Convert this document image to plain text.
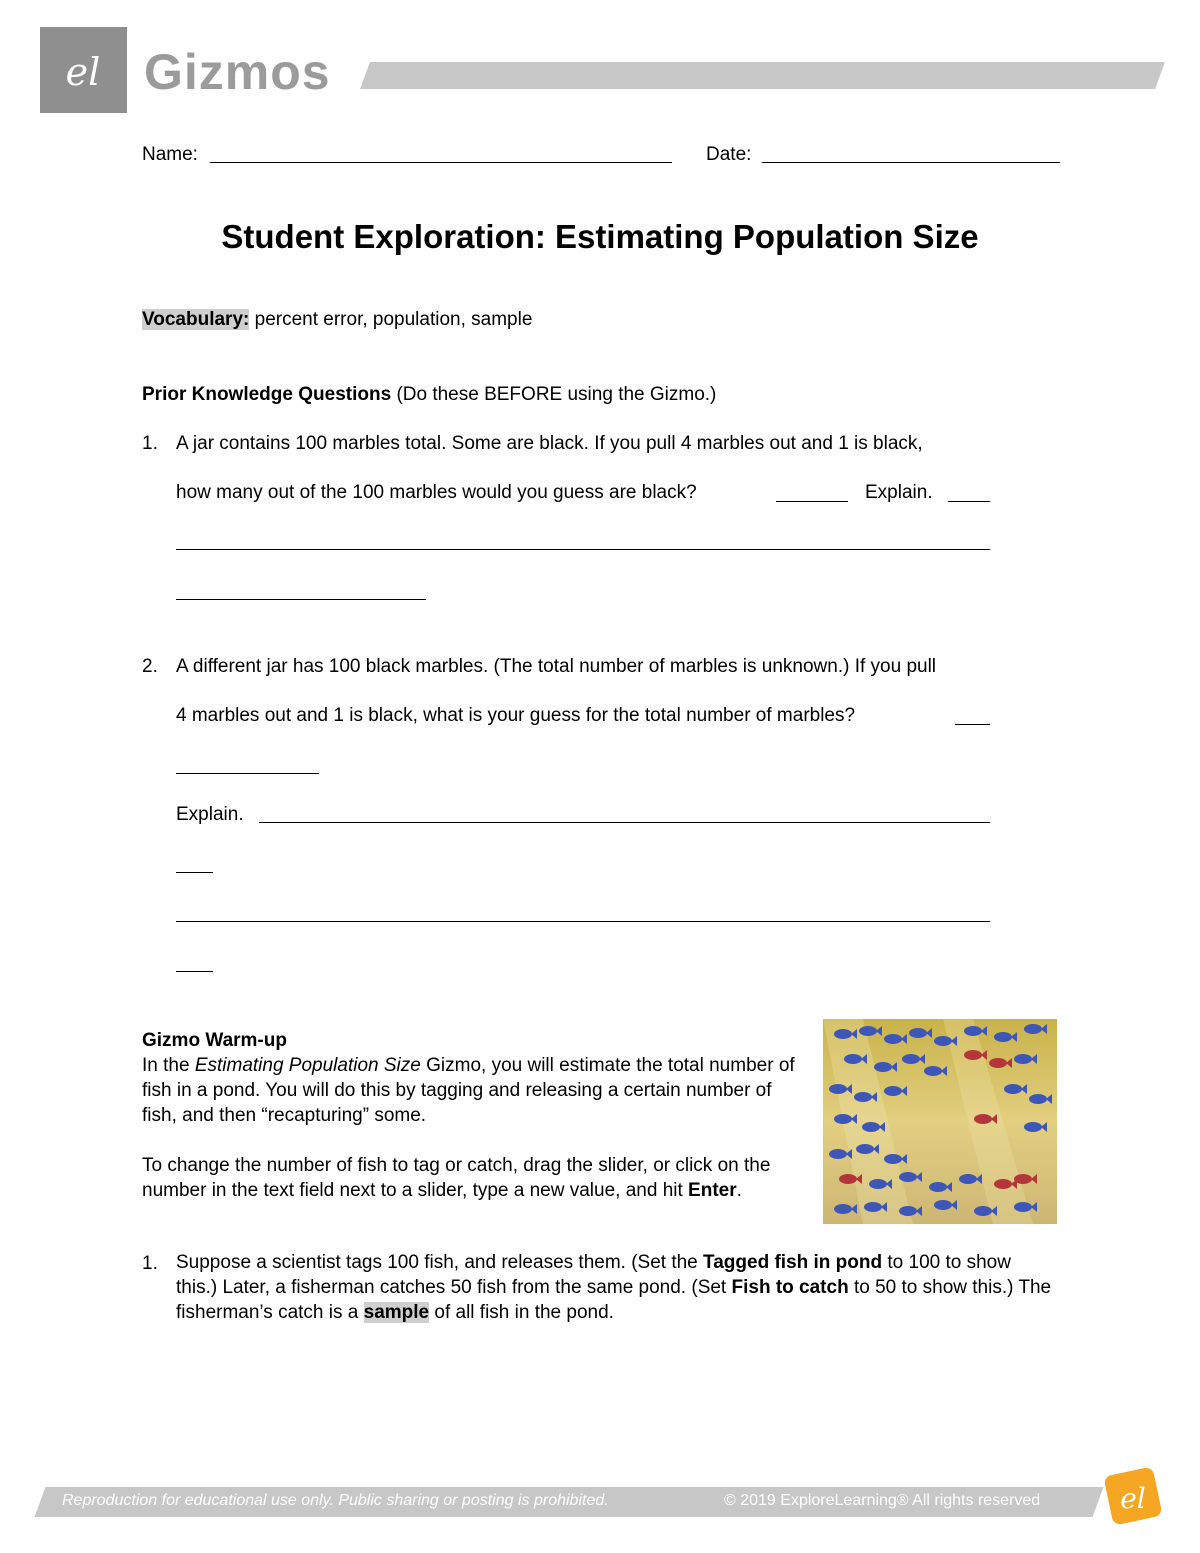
el Gizmos
Name:	Date:
Student Exploration: Estimating Population Size
Vocabulary: percent error, population, sample
Prior Knowledge Questions (Do these BEFORE using the Gizmo.)
1. A jar contains 100 marbles total. Some are black. If you pull 4 marbles out and 1 is black,
how many out of the 100 marbles would you guess are black?	Explain.
2. A different jar has 100 black marbles. (The total number of marbles is unknown.) If you pull
4 marbles out and 1 is black, what is your guess for the total number of marbles?
Explain.
Gizmo Warm-up
In the Estimating Population Size Gizmo, you will estimate the total number of fish in a pond. You will do this by tagging and releasing a certain number of fish, and then “recapturing” some.
To change the number of fish to tag or catch, drag the slider, or click on the number in the text field next to a slider, type a new value, and hit Enter.
1. Suppose a scientist tags 100 fish, and releases them. (Set the Tagged fish in pond to 100 to show this.) Later, a fisherman catches 50 fish from the same pond. (Set Fish to catch to 50 to show this.) The fisherman’s catch is a sample of all fish in the pond.
Reproduction for educational use only. Public sharing or posting is prohibited.	© 2019 ExploreLearning® All rights reserved	el
